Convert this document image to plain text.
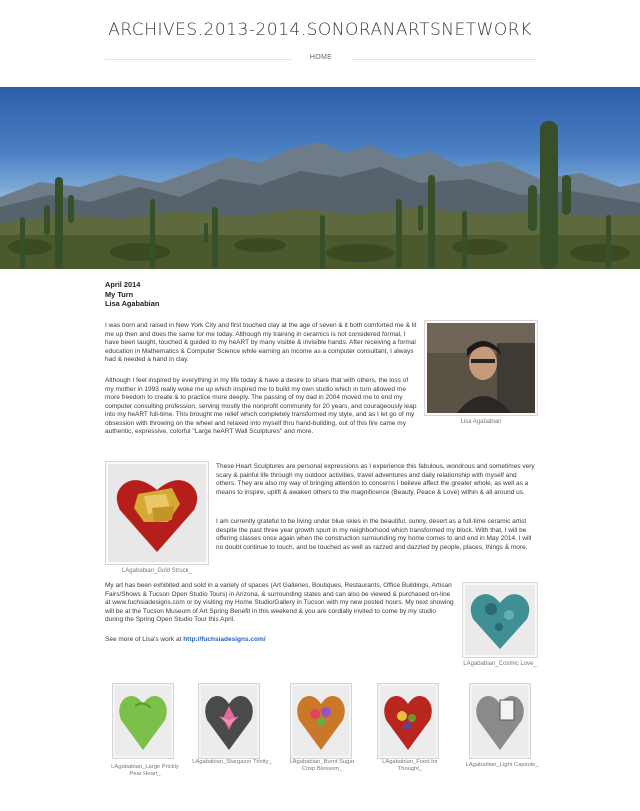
ARCHIVES.2013-2014.SONORANARTSNETWORK
HOME
April 2014
My Turn
Lisa Agababian
I was born and raised in New York City and first touched clay at the age of seven & it both comforted me & lit me up then and does the same for me today. Although my training in ceramics is not considered formal, I have been taught, touched & guided to my heART by many visible & invisible hands. After receiving a formal education in Mathematics & Computer Science while earning an income as a computer consultant, I always had & needed a hand in clay.
Although I feel inspired by everything in my life today & have a desire to share that with others, the loss of my mother in 1993 really woke me up which inspired me to build my own studio which in turn allowed me more freedom to create & to practice more deeply. The passing of my dad in 2004 moved me to end my computer consulting profession, serving mostly the nonprofit community for 20 years, and courageously leap into my heART full-time. This brought me relief which completely transformed my style, and as I let go of my obsession with throwing on the wheel and relaxed into myself thru hand-building, out of this fire came my authentic, expressive, colorful "Large heART Wall Sculptures" and more.
Lisa Agababian
LAgababian_Gold Struck_
These Heart Sculptures are personal expressions as I experience this fabulous, wondrous and sometimes very scary & painful life through my outdoor activities, travel adventures and daily relationship with myself and others. They are also my way of bringing attention to concerns I believe affect the greater whole, as well as a means to inspire, uplift & awaken others to the magnificence (Beauty, Peace & Love) within & all around us.
I am currently grateful to be living under blue skies in the beautiful, sunny, desert as a full-time ceramic artist despite the past three year growth spurt in my neighborhood which transformed my block. With that, I will be offering classes once again when the construction surrounding my home comes to and end in May 2014. I will no doubt continue to touch, and be touched as well as razzed and dazzled by people, places, things & more.
My art has been exhibited and sold in a variety of spaces (Art Galleries, Boutiques, Restaurants, Office Buildings, Artisan Fairs/Shows & Tucson Open Studio Tours) in Arizona, & surrounding states and can also be viewed & purchased on-line at www.fuchsiadesigns.com or by visiting my Home Studio/Gallery in Tucson with my new posted hours. My next showing will be at the Tucson Museum of Art Spring Benefit in this weekend & you are cordially invited to come by my studio during the Spring Open Studio Tour this April.
See more of Lisa's work at http://fuchsiadesigns.com/
LAgababian_Cosmic Love_
LAgababian_Large Prickly Pear Heart_
LAgababian_Stargazer Trinity_	LAgababian_Burnt Sugar Crisp Blossom_
LAgababian_Food for Thought_
LAgababian_Light Capsule_
